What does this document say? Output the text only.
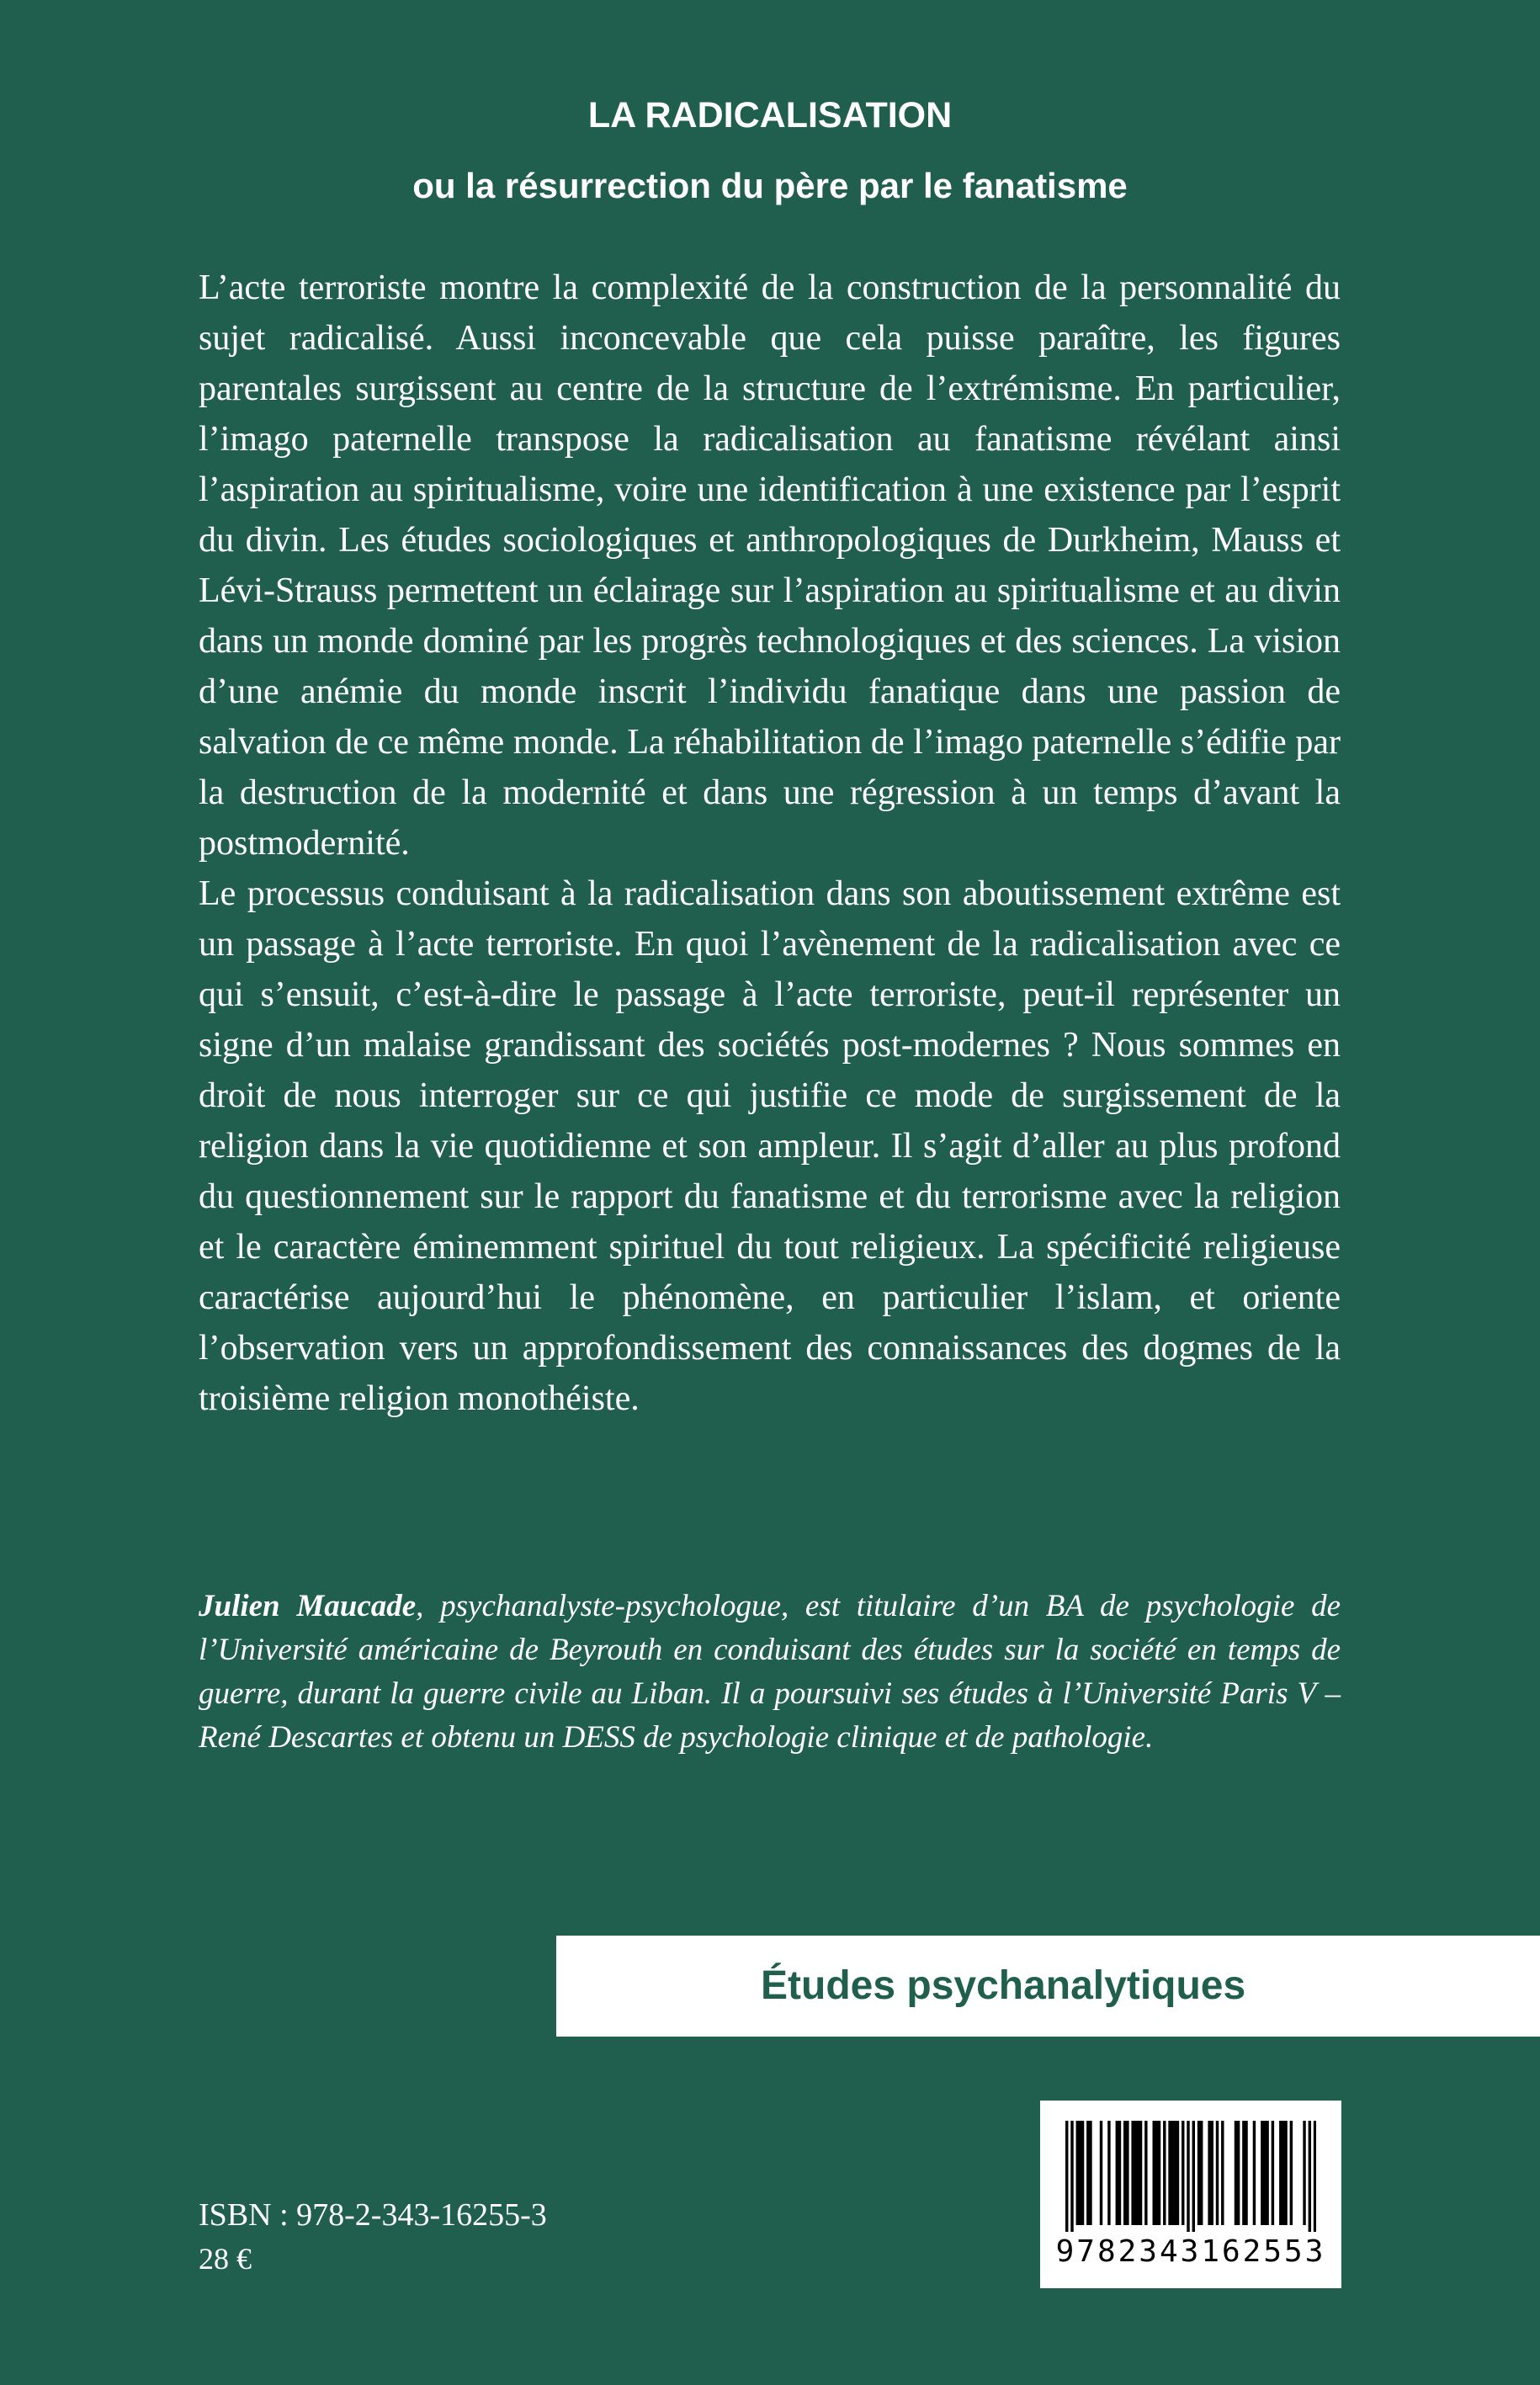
LA RADICALISATION
ou la résurrection du père par le fanatisme

L’acte terroriste montre la complexité de la construction de la personnalité du sujet radicalisé. Aussi inconcevable que cela puisse paraître, les figures parentales surgissent au centre de la structure de l’extrémisme. En particulier, l’imago paternelle transpose la radicalisation au fanatisme révélant ainsi l’aspiration au spiritualisme, voire une identification à une existence par l’esprit du divin. Les études sociologiques et anthropologiques de Durkheim, Mauss et Lévi-Strauss permettent un éclairage sur l’aspiration au spiritualisme et au divin dans un monde dominé par les progrès technologiques et des sciences. La vision d’une anémie du monde inscrit l’individu fanatique dans une passion de salvation de ce même monde. La réhabilitation de l’imago paternelle s’édifie par la destruction de la modernité et dans une régression à un temps d’avant la postmodernité.

Le processus conduisant à la radicalisation dans son aboutissement extrême est un passage à l’acte terroriste. En quoi l’avènement de la radicalisation avec ce qui s’ensuit, c’est-à-dire le passage à l’acte terroriste, peut-il représenter un signe d’un malaise grandissant des sociétés post-modernes ? Nous sommes en droit de nous interroger sur ce qui justifie ce mode de surgissement de la religion dans la vie quotidienne et son ampleur. Il s’agit d’aller au plus profond du questionnement sur le rapport du fanatisme et du terrorisme avec la religion et le caractère éminemment spirituel du tout religieux. La spécificité religieuse caractérise aujourd’hui le phénomène, en particulier l’islam, et oriente l’observation vers un approfondissement des connaissances des dogmes de la troisième religion monothéiste.

Julien Maucade, psychanalyste-psychologue, est titulaire d’un BA de psychologie de l’Université américaine de Beyrouth en conduisant des études sur la société en temps de guerre, durant la guerre civile au Liban. Il a poursuivi ses études à l’Université Paris V – René Descartes et obtenu un DESS de psychologie clinique et de pathologie.

Études psychanalytiques

ISBN : 978-2-343-16255-3

28 €	9782343162553
